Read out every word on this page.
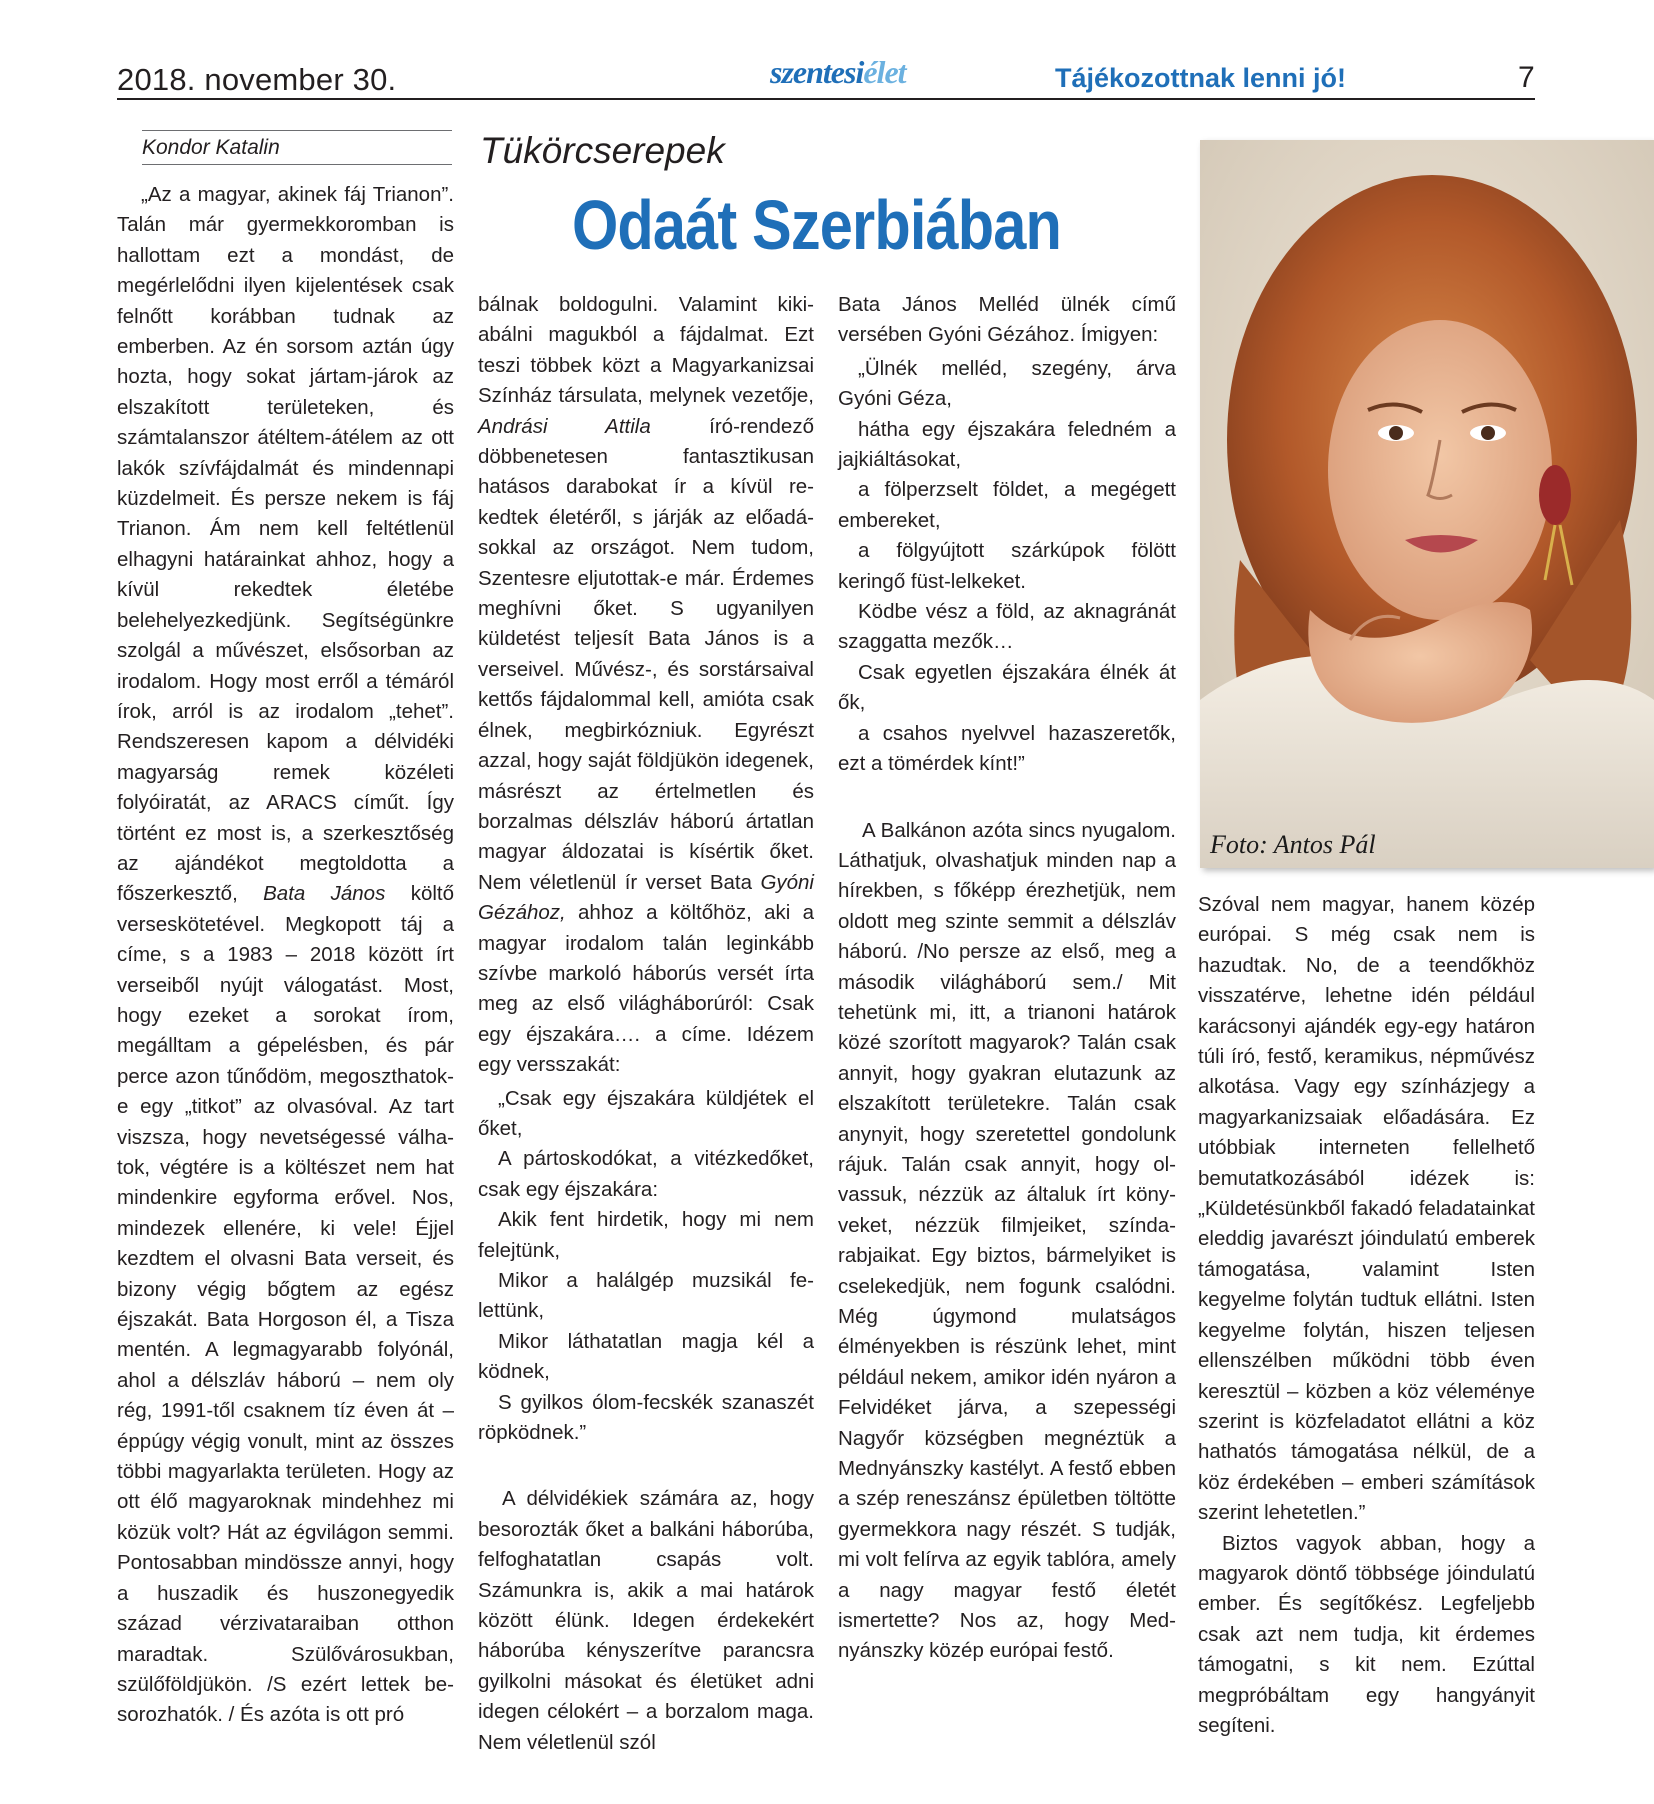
2018. november 30.	szentesiélet	Tájékozottnak lenni jó!	7
Kondor Katalin	Tükörcserepek
Odaát Szerbiában

„Az a magyar, akinek fáj Trianon”. Talán már gyermekkoromban is hallottam ezt a mondást, de megérlelődni ilyen kijelentések csak felnőtt korábban tudnak az emberben. Az én sorsom aztán úgy hozta, hogy sokat jártam-járok az elszakított területeken, és számtalanszor átéltem-átélem az ott lakók szívfájdalmát és mindennapi küzdelmeit. És persze nekem is fáj Trianon. Ám nem kell feltétlenül elhagyni határainkat ahhoz, hogy a kívül rekedtek életébe belehelyezkedjünk. Segítségünkre szolgál a művészet, elsősorban az irodalom. Hogy most erről a témáról írok, arról is az irodalom „tehet”. Rendszeresen kapom a délvidéki magyarság remek közéleti folyóiratát, az ARACS címűt. Így történt ez most is, a szerkesztőség az ajándékot megtoldotta a főszerkesztő, Bata János költő verseskötetével. Megkopott táj a címe, s a 1983 – 2018 között írt verseiből nyújt válogatást. Most, hogy ezeket a sorokat írom, megálltam a gépelésben, és pár perce azon tűnődöm, megoszthatok-e egy „titkot” az olvasóval. Az tart viszsza, hogy nevetségessé válhatok, végtére is a költészet nem hat mindenkire egyforma erővel. Nos, mindezek ellenére, ki vele! Éjjel kezdtem el olvasni Bata verseit, és bizony végig bőgtem az egész éjszakát. Bata Horgoson él, a Tisza mentén. A legmagyarabb folyónál, ahol a délszláv háború – nem oly rég, 1991-től csaknem tíz éven át – éppúgy végig vonult, mint az összes többi magyarlakta területen. Hogy az ott élő magyaroknak mindehhez mi közük volt? Hát az égvilágon semmi. Pontosabban mindössze annyi, hogy a huszadik és huszonegyedik század vérzivataraiban otthon maradtak. Szülővárosukban, szülőföldjükön. /S ezért lettek besorozhatók. / És azóta is ott pró

bálnak boldogulni. Valamint kikiabálni magukból a fájdalmat. Ezt teszi többek közt a Magyarkanizsai Színház társulata, melynek vezetője, Andrási Attila	író-rendező döbbenetesen fantasztikusan hatásos darabokat ír a kívül rekedtek életéről, s járják az előadásokkal az országot. Nem tudom, Szentesre eljutottak-e már. Érdemes meghívni őket. S ugyanilyen küldetést teljesít Bata János is a verseivel. Művész-, és sorstársaival kettős fájdalommal kell, amióta csak élnek, megbirkózniuk. Egyrészt azzal, hogy saját földjükön idegenek, másrészt az értelmetlen és borzalmas délszláv háború ártatlan magyar áldozatai is kísértik őket. Nem véletlenül ír verset Bata Gyóni Gézához, ahhoz a költőhöz, aki a magyar irodalom talán leginkább szívbe markoló háborús versét írta meg az első világháborúról: Csak egy éjszakára…. a címe. Idézem egy versszakát:

„Csak egy éjszakára küldjétek el őket,
A pártoskodókat, a vitézkedőket, csak egy éjszakára:
Akik fent hirdetik, hogy mi nem felejtünk,
Mikor a halálgép muzsikál felettünk,
Mikor láthatatlan magja kél a ködnek,
S gyilkos ólom-fecskék szanaszét röpködnek.”

A délvidékiek számára az, hogy besorozták őket a balkáni háborúba, felfoghatatlan csapás volt. Számunkra is, akik a mai határok között élünk. Idegen érdekekért háborúba kényszerítve parancsra gyilkolni másokat és életüket adni idegen célokért – a borzalom maga. Nem véletlenül szól

Bata János Melléd ülnék című versében Gyóni Gézához. Ímigyen:

„Ülnék melléd, szegény, árva Gyóni Géza,
hátha egy éjszakára feledném a jajkiáltásokat,
a fölperzselt földet, a megégett embereket,
a fölgyújtott szárkúpok fölött keringő füst-lelkeket.
Ködbe vész a föld, az aknagránát szaggatta mezők…
Csak egyetlen éjszakára élnék át ők,
a csahos nyelvvel hazaszeretők, ezt a tömérdek kínt!”

A Balkánon azóta sincs nyugalom. Láthatjuk, olvashatjuk minden nap a hírekben, s főképp érezhetjük, nem oldott meg szinte semmit a délszláv háború. /No persze az első, meg a második világháború sem./ Mit tehetünk mi, itt, a trianoni határok közé szorított magyarok? Talán csak annyit, hogy gyakran elutazunk az elszakított területekre. Talán csak anynyit, hogy szeretettel gondolunk rájuk. Talán csak annyit, hogy olvassuk, nézzük az általuk írt könyveket, nézzük filmjeiket, színdarabjaikat. Egy biztos, bármelyiket is cselekedjük, nem fogunk csalódni. Még úgymond mulatságos élményekben is részünk lehet, mint például nekem, amikor idén nyáron a Felvidéket járva, a szepességi Nagyőr községben megnéztük a Mednyánszky kastélyt. A festő ebben a szép reneszánsz épületben töltötte gyermekkora nagy részét. S tudják, mi volt felírva az egyik tablóra, amely a nagy magyar festő életét ismertette? Nos az, hogy Mednyánszky közép európai festő.

Foto: Antos Pál

Szóval nem magyar, hanem közép európai. S még csak nem is hazudtak. No, de a teendőkhöz visszatérve, lehetne idén például karácsonyi ajándék egy-egy határon túli író, festő, keramikus, népművész alkotása. Vagy egy színházjegy a magyarkanizsaiak előadására. Ez utóbbiak interneten fellelhető bemutatkozásából idézek is: „Küldetésünkből fakadó feladatainkat eleddig javarészt jóindulatú emberek támogatása, valamint Isten kegyelme folytán tudtuk ellátni. Isten kegyelme folytán, hiszen teljesen ellenszélben működni több éven keresztül – közben a köz véleménye szerint is közfeladatot ellátni a köz hathatós támogatása nélkül, de a köz érdekében – emberi számítások szerint lehetetlen.”

Biztos vagyok abban, hogy a magyarok döntő többsége jóindulatú ember. És segítőkész. Legfeljebb csak azt nem tudja, kit érdemes támogatni, s kit nem. Ezúttal megpróbáltam egy hangyányit segíteni.
